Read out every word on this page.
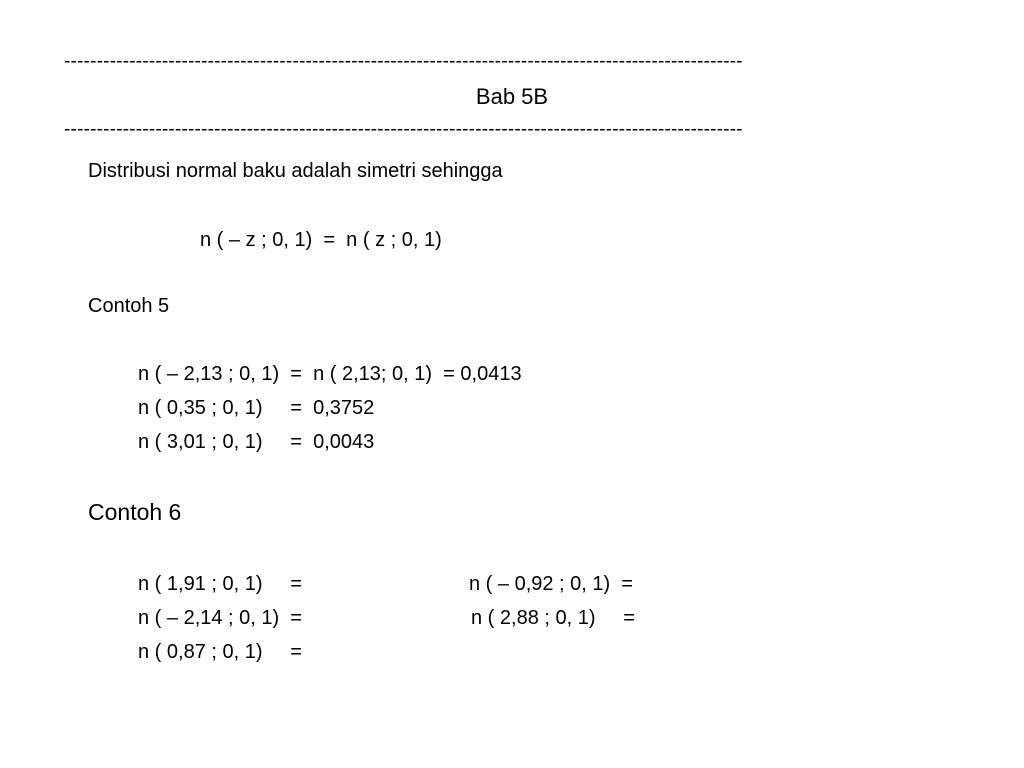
--------------------------------------------------------------------------------------------------------
Bab 5B
--------------------------------------------------------------------------------------------------------
Distribusi normal baku adalah simetri sehingga
n ( – z ; 0, 1)  =  n ( z ; 0, 1)
Contoh 5
n ( – 2,13 ; 0, 1)  =  n ( 2,13; 0, 1)  = 0,0413
n ( 0,35 ; 0, 1)     =  0,3752
n ( 3,01 ; 0, 1)     =  0,0043
Contoh 6
n ( 1,91 ; 0, 1)     =
n ( – 2,14 ; 0, 1)  =
n ( 0,87 ; 0, 1)     =
n ( – 0,92 ; 0, 1)  =
n ( 2,88 ; 0, 1)     =
